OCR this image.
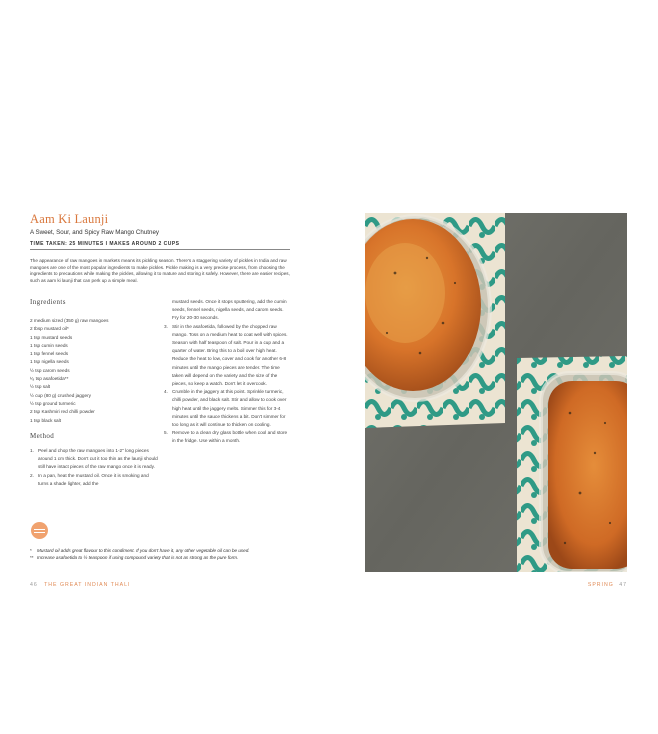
Aam Ki Launji
A Sweet, Sour, and Spicy Raw Mango Chutney
TIME TAKEN: 25 MINUTES I MAKES AROUND 2 CUPS
The appearance of raw mangoes in markets means its pickling season. There's a staggering variety of pickles in India and raw mangoes are one of the most popular ingredients to make pickles. Pickle making is a very precise process, from choosing the ingredients to precautions while making the pickles, allowing it to mature and storing it safely. However, there are easier recipes, such as aam ki launji that can perk up a simple meal.
Ingredients
2 medium sized (350 g) raw mangoes
2 tbsp mustard oil*
1 tsp mustard seeds
1 tsp cumin seeds
1 tsp fennel seeds
1 tsp nigella seeds
½ tsp carom seeds
¹⁄₈ tsp asafoetida**
½ tsp salt
½ cup (80 g) crushed jaggery
½ tsp ground turmeric
2 tsp Kashmiri red chilli powder
1 tsp black salt
Method
1. Peel and chop the raw mangoes into 1-2" long pieces around 1 cm thick. Don't cut it too thin as the launji should still have intact pieces of the raw mango once it is ready.
2. In a pan, heat the mustard oil. Once it is smoking and turns a shade lighter, add the
mustard seeds. Once it stops sputtering, add the cumin seeds, fennel seeds, nigella seeds, and carom seeds. Fry for 20-30 seconds.
3. Stir in the asafoetida, followed by the chopped raw mango. Toss on a medium heat to coat well with spices. Season with half teaspoon of salt. Pour in a cup and a quarter of water. Bring this to a boil over high heat. Reduce the heat to low, cover and cook for another 6-8 minutes until the mango pieces are tender. The time taken will depend on the variety and the size of the pieces, so keep a watch. Don't let it overcook.
4. Crumble in the jaggery at this point. Sprinkle turmeric, chilli powder, and black salt. Stir and allow to cook over high heat until the jaggery melts. Simmer this for 3-4 minutes until the sauce thickens a bit. Don't simmer for too long as it will continue to thicken on cooling.
5. Remove to a clean dry glass bottle when cool and store in the fridge. Use within a month.
* Mustard oil adds great flavour to this condiment. If you don't have it, any other vegetable oil can be used.
** Increase asafoetida to ½ teaspoon if using compound variety that is not as strong as the pure form.
46 THE GREAT INDIAN THALI	SPRING 47
